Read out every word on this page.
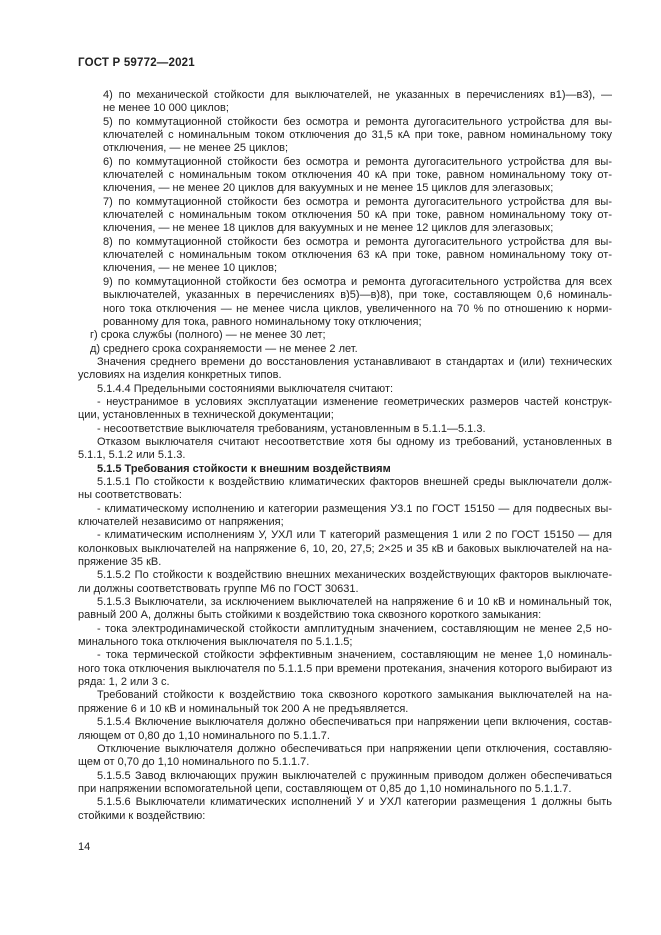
ГОСТ Р 59772—2021
4) по механической стойкости для выключателей, не указанных в перечислениях в1)—в3), —
не менее 10 000 циклов;
5) по коммутационной стойкости без осмотра и ремонта дугогасительного устройства для вы-
ключателей с номинальным током отключения до 31,5 кА при токе, равном номинальному току
отключения, — не менее 25 циклов;
6) по коммутационной стойкости без осмотра и ремонта дугогасительного устройства для вы-
ключателей с номинальным током отключения 40 кА при токе, равном номинальному току от-
ключения, — не менее 20 циклов для вакуумных и не менее 15 циклов для элегазовых;
7) по коммутационной стойкости без осмотра и ремонта дугогасительного устройства для вы-
ключателей с номинальным током отключения 50 кА при токе, равном номинальному току от-
ключения, — не менее 18 циклов для вакуумных и не менее 12 циклов для элегазовых;
8) по коммутационной стойкости без осмотра и ремонта дугогасительного устройства для вы-
ключателей с номинальным током отключения 63 кА при токе, равном номинальному току от-
ключения, — не менее 10 циклов;
9) по коммутационной стойкости без осмотра и ремонта дугогасительного устройства для всех
выключателей, указанных в перечислениях в)5)—в)8), при токе, составляющем 0,6 номиналь-
ного тока отключения — не менее числа циклов, увеличенного на 70 % по отношению к норми-
рованному для тока, равного номинальному току отключения;
г) срока службы (полного) — не менее 30 лет;
д) среднего срока сохраняемости — не менее 2 лет.
Значения среднего времени до восстановления устанавливают в стандартах и (или) технических
условиях на изделия конкретных типов.
5.1.4.4 Предельными состояниями выключателя считают:
- неустранимое в условиях эксплуатации изменение геометрических размеров частей конструк-
ции, установленных в технической документации;
- несоответствие выключателя требованиям, установленным в 5.1.1—5.1.3.
Отказом выключателя считают несоответствие хотя бы одному из требований, установленных в
5.1.1, 5.1.2 или 5.1.3.
5.1.5 Требования стойкости к внешним воздействиям
5.1.5.1 По стойкости к воздействию климатических факторов внешней среды выключатели долж-
ны соответствовать:
- климатическому исполнению и категории размещения У3.1 по ГОСТ 15150 — для подвесных вы-
ключателей независимо от напряжения;
- климатическим исполнениям У, УХЛ или Т категорий размещения 1 или 2 по ГОСТ 15150 — для
колонковых выключателей на напряжение 6, 10, 20, 27,5; 2×25 и 35 кВ и баковых выключателей на на-
пряжение 35 кВ.
5.1.5.2 По стойкости к воздействию внешних механических воздействующих факторов выключате-
ли должны соответствовать группе М6 по ГОСТ 30631.
5.1.5.3 Выключатели, за исключением выключателей на напряжение 6 и 10 кВ и номинальный ток,
равный 200 А, должны быть стойкими к воздействию тока сквозного короткого замыкания:
- тока электродинамической стойкости амплитудным значением, составляющим не менее 2,5 но-
минального тока отключения выключателя по 5.1.1.5;
- тока термической стойкости эффективным значением, составляющим не менее 1,0 номиналь-
ного тока отключения выключателя по 5.1.1.5 при времени протекания, значения которого выбирают из
ряда: 1, 2 или 3 с.
Требований стойкости к воздействию тока сквозного короткого замыкания выключателей на на-
пряжение 6 и 10 кВ и номинальный ток 200 А не предъявляется.
5.1.5.4 Включение выключателя должно обеспечиваться при напряжении цепи включения, состав-
ляющем от 0,80 до 1,10 номинального по 5.1.1.7.
Отключение выключателя должно обеспечиваться при напряжении цепи отключения, составляю-
щем от 0,70 до 1,10 номинального по 5.1.1.7.
5.1.5.5 Завод включающих пружин выключателей с пружинным приводом должен обеспечиваться
при напряжении вспомогательной цепи, составляющем от 0,85 до 1,10 номинального по 5.1.1.7.
5.1.5.6 Выключатели климатических исполнений У и УХЛ категории размещения 1 должны быть
стойкими к воздействию:
14
